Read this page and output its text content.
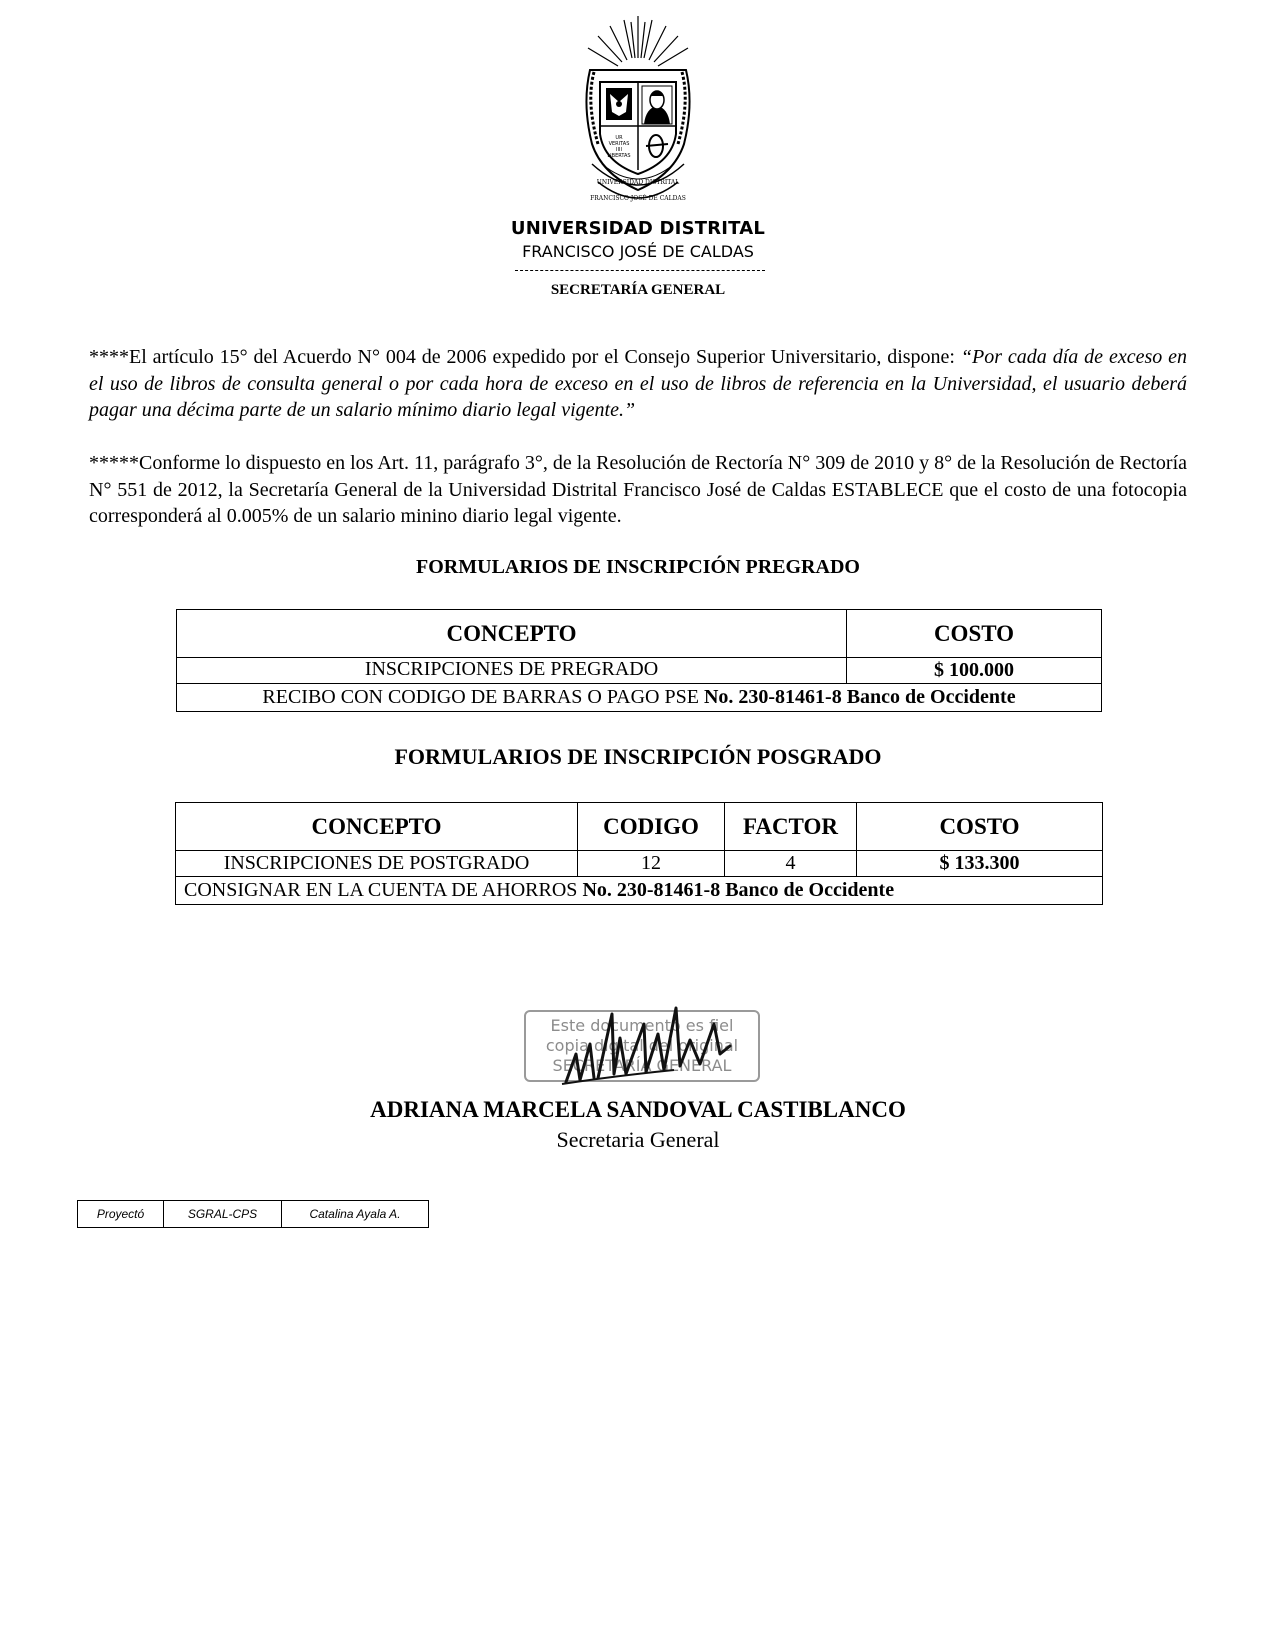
UR
VERITAS
IIII
LIBERTAS
UNIVERSIDAD DISTRITAL
FRANCISCO JOSÉ DE CALDAS
UNIVERSIDAD DISTRITAL
FRANCISCO JOSÉ DE CALDAS
SECRETARÍA GENERAL

****El artículo 15° del Acuerdo N° 004 de 2006 expedido por el Consejo Superior Universitario, dispone: “Por cada día de exceso en el uso de libros de consulta general o por cada hora de exceso en el uso de libros de referencia en la Universidad, el usuario deberá pagar una décima parte de un salario mínimo diario legal vigente.”

*****Conforme lo dispuesto en los Art. 11, parágrafo 3°, de la Resolución de Rectoría N° 309 de 2010 y 8° de la Resolución de Rectoría N° 551 de 2012, la Secretaría General de la Universidad Distrital Francisco José de Caldas ESTABLECE que el costo de una fotocopia corresponderá al 0.005% de un salario minino diario legal vigente.

FORMULARIOS DE INSCRIPCIÓN PREGRADO
CONCEPTO	COSTO
INSCRIPCIONES DE PREGRADO	$ 100.000
RECIBO CON CODIGO DE BARRAS O PAGO PSE No. 230-81461-8 Banco de Occidente	
FORMULARIOS DE INSCRIPCIÓN POSGRADO
CONCEPTO	CODIGO	FACTOR	COSTO
INSCRIPCIONES DE POSTGRADO	12	4	$ 133.300
CONSIGNAR EN LA CUENTA DE AHORROS No. 230-81461-8 Banco de Occidente			
Este documento es fiel
copia digital del original
SECRETARÍA GENERAL
ADRIANA MARCELA SANDOVAL CASTIBLANCO
Secretaria General
Proyectó	SGRAL-CPS	Catalina Ayala A.
